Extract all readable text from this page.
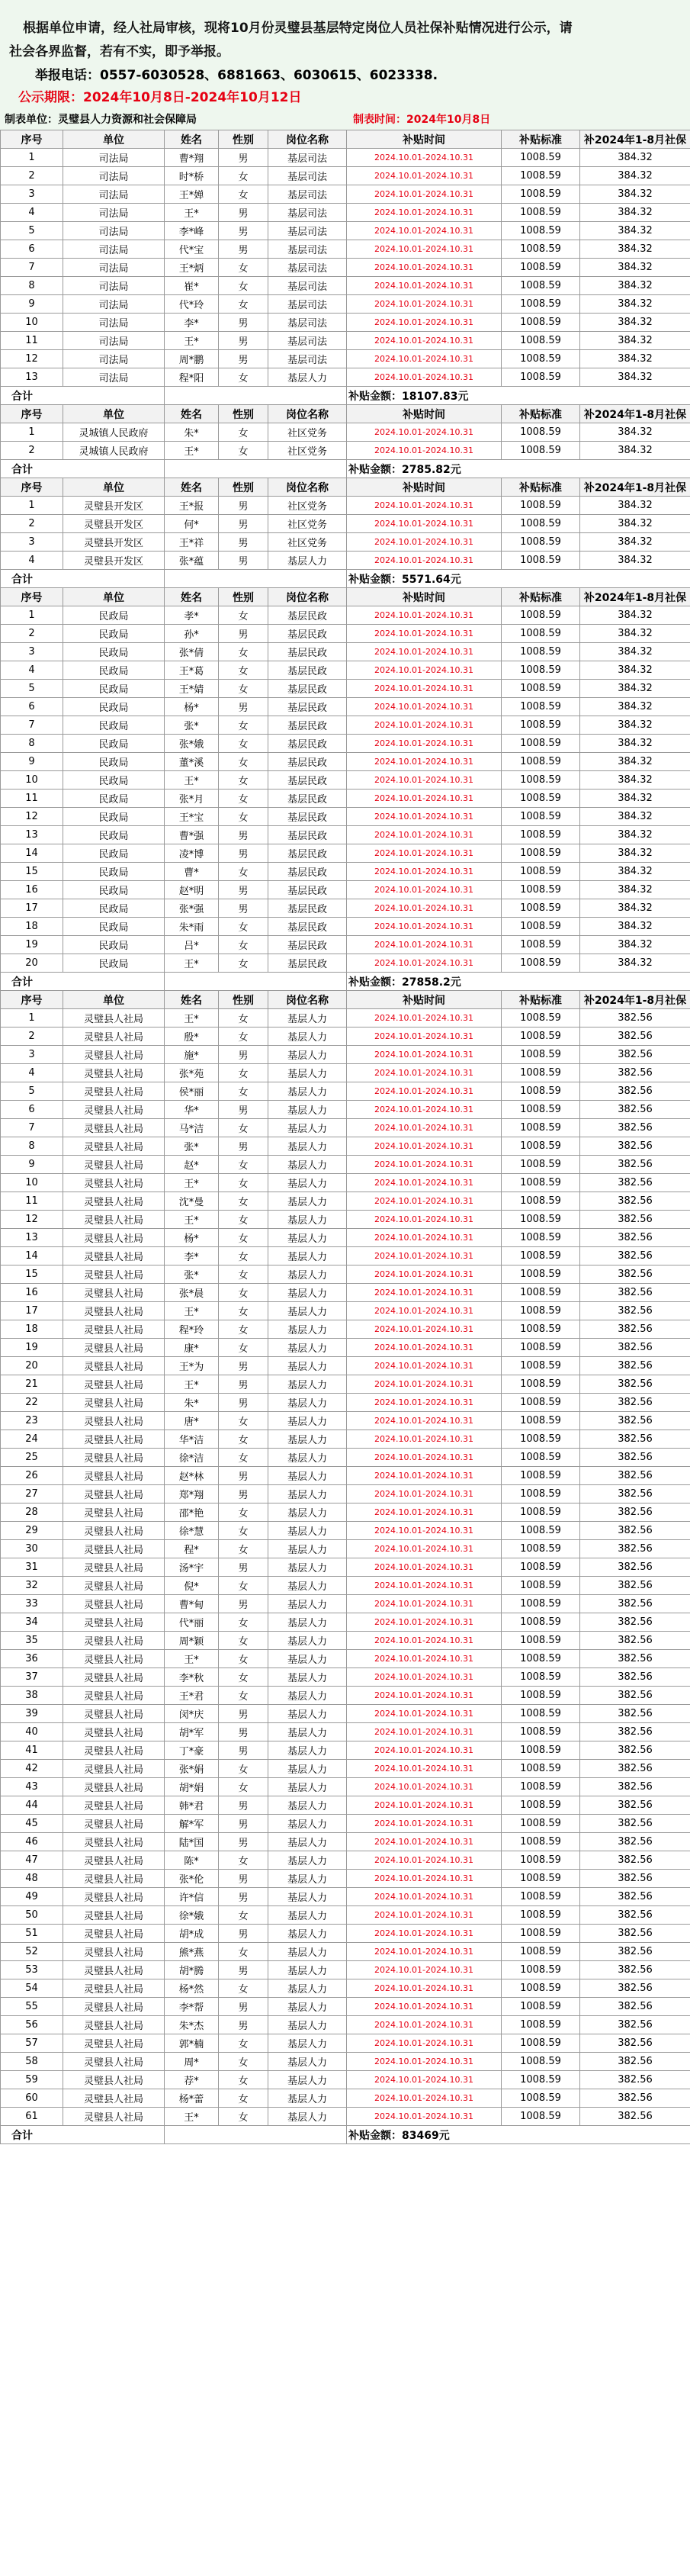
根据单位申请，经人社局审核，现将10月份灵璧县基层特定岗位人员社保补贴情况进行公示，请
社会各界监督，若有不实，即予举报。
举报电话：0557-6030528、6881663、6030615、6023338.
公示期限：2024年10月8日-2024年10月12日
制表单位：灵璧县人力资源和社会保障局	制表时间：2024年10月8日
序号	单位	姓名	性别	岗位名称	补贴时间	补贴标准	补2024年1-8月社保
1	司法局	曹*翔	男	基层司法	2024.10.01-2024.10.31	1008.59	384.32
2	司法局	时*桥	女	基层司法	2024.10.01-2024.10.31	1008.59	384.32
3	司法局	王*婵	女	基层司法	2024.10.01-2024.10.31	1008.59	384.32
4	司法局	王*	男	基层司法	2024.10.01-2024.10.31	1008.59	384.32
5	司法局	李*峰	男	基层司法	2024.10.01-2024.10.31	1008.59	384.32
6	司法局	代*宝	男	基层司法	2024.10.01-2024.10.31	1008.59	384.32
7	司法局	王*炳	女	基层司法	2024.10.01-2024.10.31	1008.59	384.32
8	司法局	崔*	女	基层司法	2024.10.01-2024.10.31	1008.59	384.32
9	司法局	代*玲	女	基层司法	2024.10.01-2024.10.31	1008.59	384.32
10	司法局	李*	男	基层司法	2024.10.01-2024.10.31	1008.59	384.32
11	司法局	王*	男	基层司法	2024.10.01-2024.10.31	1008.59	384.32
12	司法局	周*鹏	男	基层司法	2024.10.01-2024.10.31	1008.59	384.32
13	司法局	程*阳	女	基层人力	2024.10.01-2024.10.31	1008.59	384.32
合计					补贴金额：18107.83元		
序号	单位	姓名	性别	岗位名称	补贴时间	补贴标准	补2024年1-8月社保
1	灵城镇人民政府	朱*	女	社区党务	2024.10.01-2024.10.31	1008.59	384.32
2	灵城镇人民政府	王*	女	社区党务	2024.10.01-2024.10.31	1008.59	384.32
合计					补贴金额：2785.82元		
序号	单位	姓名	性别	岗位名称	补贴时间	补贴标准	补2024年1-8月社保
1	灵璧县开发区	王*报	男	社区党务	2024.10.01-2024.10.31	1008.59	384.32
2	灵璧县开发区	何*	男	社区党务	2024.10.01-2024.10.31	1008.59	384.32
3	灵璧县开发区	王*祥	男	社区党务	2024.10.01-2024.10.31	1008.59	384.32
4	灵璧县开发区	张*蕴	男	基层人力	2024.10.01-2024.10.31	1008.59	384.32
合计					补贴金额：5571.64元		
序号	单位	姓名	性别	岗位名称	补贴时间	补贴标准	补2024年1-8月社保
1	民政局	孝*	女	基层民政	2024.10.01-2024.10.31	1008.59	384.32
2	民政局	孙*	男	基层民政	2024.10.01-2024.10.31	1008.59	384.32
3	民政局	张*倩	女	基层民政	2024.10.01-2024.10.31	1008.59	384.32
4	民政局	王*葛	女	基层民政	2024.10.01-2024.10.31	1008.59	384.32
5	民政局	王*婧	女	基层民政	2024.10.01-2024.10.31	1008.59	384.32
6	民政局	杨*	男	基层民政	2024.10.01-2024.10.31	1008.59	384.32
7	民政局	张*	女	基层民政	2024.10.01-2024.10.31	1008.59	384.32
8	民政局	张*娥	女	基层民政	2024.10.01-2024.10.31	1008.59	384.32
9	民政局	董*溪	女	基层民政	2024.10.01-2024.10.31	1008.59	384.32
10	民政局	王*	女	基层民政	2024.10.01-2024.10.31	1008.59	384.32
11	民政局	张*月	女	基层民政	2024.10.01-2024.10.31	1008.59	384.32
12	民政局	王*宝	女	基层民政	2024.10.01-2024.10.31	1008.59	384.32
13	民政局	曹*强	男	基层民政	2024.10.01-2024.10.31	1008.59	384.32
14	民政局	凌*博	男	基层民政	2024.10.01-2024.10.31	1008.59	384.32
15	民政局	曹*	女	基层民政	2024.10.01-2024.10.31	1008.59	384.32
16	民政局	赵*明	男	基层民政	2024.10.01-2024.10.31	1008.59	384.32
17	民政局	张*强	男	基层民政	2024.10.01-2024.10.31	1008.59	384.32
18	民政局	朱*雨	女	基层民政	2024.10.01-2024.10.31	1008.59	384.32
19	民政局	吕*	女	基层民政	2024.10.01-2024.10.31	1008.59	384.32
20	民政局	王*	女	基层民政	2024.10.01-2024.10.31	1008.59	384.32
合计					补贴金额：27858.2元		
序号	单位	姓名	性别	岗位名称	补贴时间	补贴标准	补2024年1-8月社保
1	灵璧县人社局	王*	女	基层人力	2024.10.01-2024.10.31	1008.59	382.56
2	灵璧县人社局	殷*	女	基层人力	2024.10.01-2024.10.31	1008.59	382.56
3	灵璧县人社局	施*	男	基层人力	2024.10.01-2024.10.31	1008.59	382.56
4	灵璧县人社局	张*苑	女	基层人力	2024.10.01-2024.10.31	1008.59	382.56
5	灵璧县人社局	侯*丽	女	基层人力	2024.10.01-2024.10.31	1008.59	382.56
6	灵璧县人社局	华*	男	基层人力	2024.10.01-2024.10.31	1008.59	382.56
7	灵璧县人社局	马*洁	女	基层人力	2024.10.01-2024.10.31	1008.59	382.56
8	灵璧县人社局	张*	男	基层人力	2024.10.01-2024.10.31	1008.59	382.56
9	灵璧县人社局	赵*	女	基层人力	2024.10.01-2024.10.31	1008.59	382.56
10	灵璧县人社局	王*	女	基层人力	2024.10.01-2024.10.31	1008.59	382.56
11	灵璧县人社局	沈*曼	女	基层人力	2024.10.01-2024.10.31	1008.59	382.56
12	灵璧县人社局	王*	女	基层人力	2024.10.01-2024.10.31	1008.59	382.56
13	灵璧县人社局	杨*	女	基层人力	2024.10.01-2024.10.31	1008.59	382.56
14	灵璧县人社局	李*	女	基层人力	2024.10.01-2024.10.31	1008.59	382.56
15	灵璧县人社局	张*	女	基层人力	2024.10.01-2024.10.31	1008.59	382.56
16	灵璧县人社局	张*晨	女	基层人力	2024.10.01-2024.10.31	1008.59	382.56
17	灵璧县人社局	王*	女	基层人力	2024.10.01-2024.10.31	1008.59	382.56
18	灵璧县人社局	程*玲	女	基层人力	2024.10.01-2024.10.31	1008.59	382.56
19	灵璧县人社局	康*	女	基层人力	2024.10.01-2024.10.31	1008.59	382.56
20	灵璧县人社局	王*为	男	基层人力	2024.10.01-2024.10.31	1008.59	382.56
21	灵璧县人社局	王*	男	基层人力	2024.10.01-2024.10.31	1008.59	382.56
22	灵璧县人社局	朱*	男	基层人力	2024.10.01-2024.10.31	1008.59	382.56
23	灵璧县人社局	唐*	女	基层人力	2024.10.01-2024.10.31	1008.59	382.56
24	灵璧县人社局	华*洁	女	基层人力	2024.10.01-2024.10.31	1008.59	382.56
25	灵璧县人社局	徐*洁	女	基层人力	2024.10.01-2024.10.31	1008.59	382.56
26	灵璧县人社局	赵*林	男	基层人力	2024.10.01-2024.10.31	1008.59	382.56
27	灵璧县人社局	郑*翔	男	基层人力	2024.10.01-2024.10.31	1008.59	382.56
28	灵璧县人社局	邵*艳	女	基层人力	2024.10.01-2024.10.31	1008.59	382.56
29	灵璧县人社局	徐*慧	女	基层人力	2024.10.01-2024.10.31	1008.59	382.56
30	灵璧县人社局	程*	女	基层人力	2024.10.01-2024.10.31	1008.59	382.56
31	灵璧县人社局	汤*宇	男	基层人力	2024.10.01-2024.10.31	1008.59	382.56
32	灵璧县人社局	倪*	女	基层人力	2024.10.01-2024.10.31	1008.59	382.56
33	灵璧县人社局	曹*甸	男	基层人力	2024.10.01-2024.10.31	1008.59	382.56
34	灵璧县人社局	代*丽	女	基层人力	2024.10.01-2024.10.31	1008.59	382.56
35	灵璧县人社局	周*颖	女	基层人力	2024.10.01-2024.10.31	1008.59	382.56
36	灵璧县人社局	王*	女	基层人力	2024.10.01-2024.10.31	1008.59	382.56
37	灵璧县人社局	李*秋	女	基层人力	2024.10.01-2024.10.31	1008.59	382.56
38	灵璧县人社局	王*君	女	基层人力	2024.10.01-2024.10.31	1008.59	382.56
39	灵璧县人社局	闵*庆	男	基层人力	2024.10.01-2024.10.31	1008.59	382.56
40	灵璧县人社局	胡*军	男	基层人力	2024.10.01-2024.10.31	1008.59	382.56
41	灵璧县人社局	丁*豪	男	基层人力	2024.10.01-2024.10.31	1008.59	382.56
42	灵璧县人社局	张*娟	女	基层人力	2024.10.01-2024.10.31	1008.59	382.56
43	灵璧县人社局	胡*娟	女	基层人力	2024.10.01-2024.10.31	1008.59	382.56
44	灵璧县人社局	韩*君	男	基层人力	2024.10.01-2024.10.31	1008.59	382.56
45	灵璧县人社局	解*军	男	基层人力	2024.10.01-2024.10.31	1008.59	382.56
46	灵璧县人社局	陆*国	男	基层人力	2024.10.01-2024.10.31	1008.59	382.56
47	灵璧县人社局	陈*	女	基层人力	2024.10.01-2024.10.31	1008.59	382.56
48	灵璧县人社局	张*伦	男	基层人力	2024.10.01-2024.10.31	1008.59	382.56
49	灵璧县人社局	许*信	男	基层人力	2024.10.01-2024.10.31	1008.59	382.56
50	灵璧县人社局	徐*娥	女	基层人力	2024.10.01-2024.10.31	1008.59	382.56
51	灵璧县人社局	胡*成	男	基层人力	2024.10.01-2024.10.31	1008.59	382.56
52	灵璧县人社局	熊*燕	女	基层人力	2024.10.01-2024.10.31	1008.59	382.56
53	灵璧县人社局	胡*腾	男	基层人力	2024.10.01-2024.10.31	1008.59	382.56
54	灵璧县人社局	杨*然	女	基层人力	2024.10.01-2024.10.31	1008.59	382.56
55	灵璧县人社局	李*帮	男	基层人力	2024.10.01-2024.10.31	1008.59	382.56
56	灵璧县人社局	朱*杰	男	基层人力	2024.10.01-2024.10.31	1008.59	382.56
57	灵璧县人社局	郭*楠	女	基层人力	2024.10.01-2024.10.31	1008.59	382.56
58	灵璧县人社局	周*	女	基层人力	2024.10.01-2024.10.31	1008.59	382.56
59	灵璧县人社局	荐*	女	基层人力	2024.10.01-2024.10.31	1008.59	382.56
60	灵璧县人社局	杨*蕾	女	基层人力	2024.10.01-2024.10.31	1008.59	382.56
61	灵璧县人社局	王*	女	基层人力	2024.10.01-2024.10.31	1008.59	382.56
合计					补贴金额：83469元		
